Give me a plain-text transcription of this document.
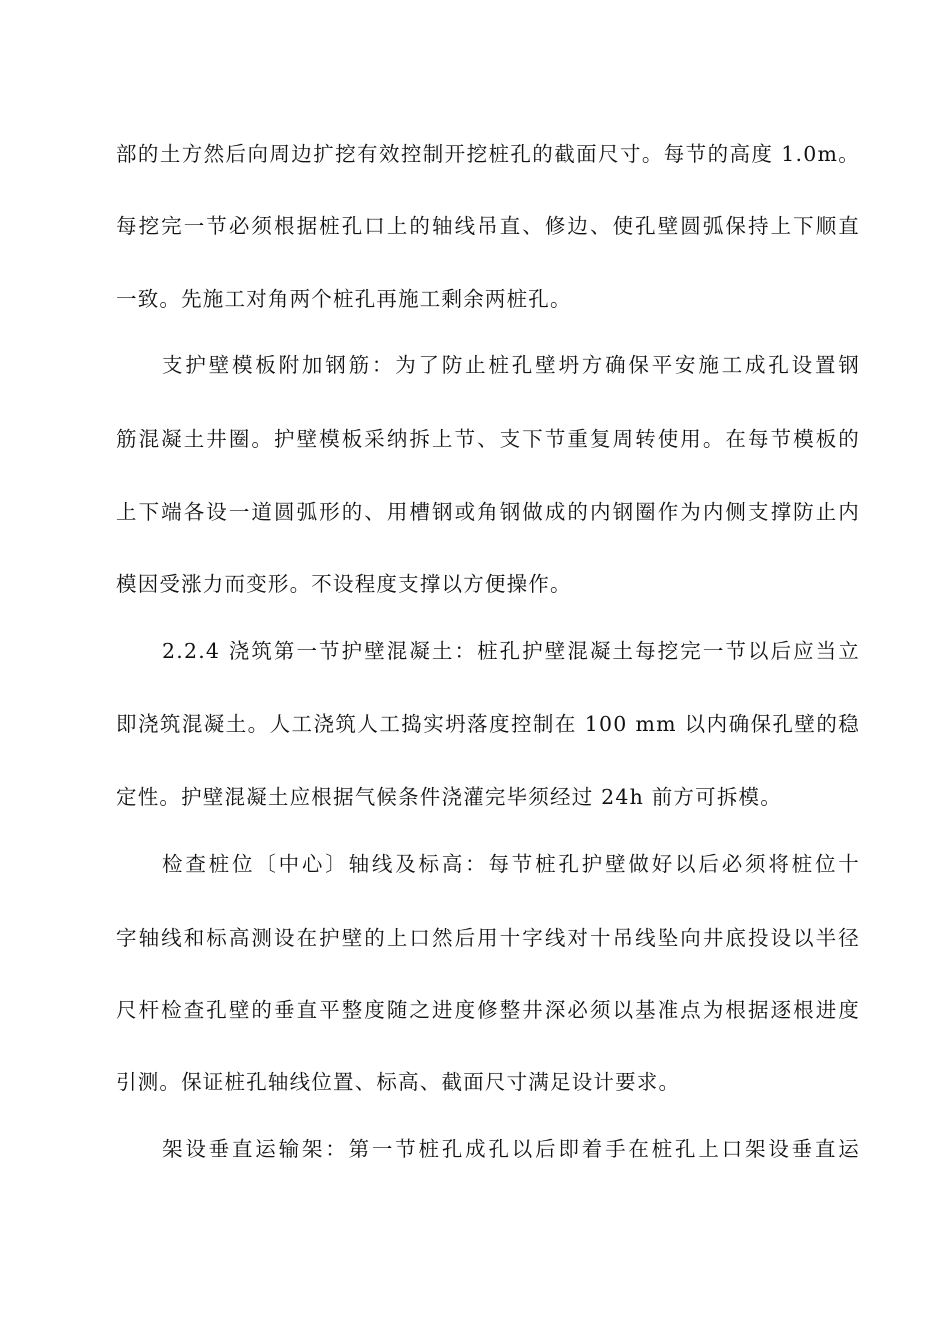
部的土方然后向周边扩挖有效控制开挖桩孔的截面尺寸。每节的高度 1.0m。
每挖完一节必须根据桩孔口上的轴线吊直、修边、使孔壁圆弧保持上下顺直
一致。先施工对角两个桩孔再施工剩余两桩孔。
支护壁模板附加钢筋：为了防止桩孔壁坍方确保平安施工成孔设置钢
筋混凝土井圈。护壁模板采纳拆上节、支下节重复周转使用。在每节模板的
上下端各设一道圆弧形的、用槽钢或角钢做成的内钢圈作为内侧支撑防止内
模因受涨力而变形。不设程度支撑以方便操作。
2.2.4 浇筑第一节护壁混凝土：桩孔护壁混凝土每挖完一节以后应当立
即浇筑混凝土。人工浇筑人工捣实坍落度控制在 100 mm 以内确保孔壁的稳
定性。护壁混凝土应根据气候条件浇灌完毕须经过 24h 前方可拆模。
检查桩位〔中心〕轴线及标高：每节桩孔护壁做好以后必须将桩位十
字轴线和标高测设在护壁的上口然后用十字线对十吊线坠向井底投设以半径
尺杆检查孔壁的垂直平整度随之进度修整井深必须以基准点为根据逐根进度
引测。保证桩孔轴线位置、标高、截面尺寸满足设计要求。
架设垂直运输架：第一节桩孔成孔以后即着手在桩孔上口架设垂直运
